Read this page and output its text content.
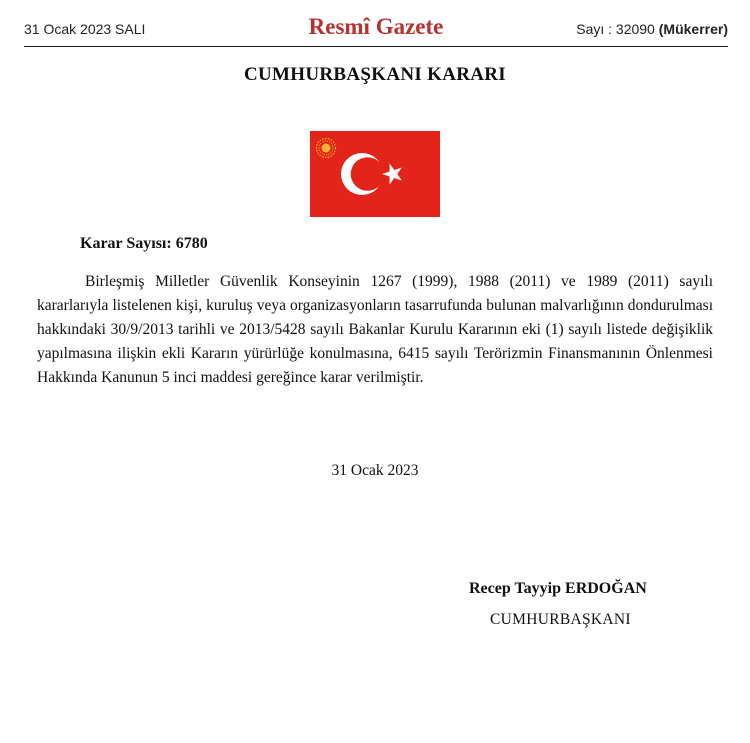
31 Ocak 2023 SALI	Resmî Gazete	Sayı : 32090 (Mükerrer)
CUMHURBAŞKANI KARARI
Karar Sayısı: 6780

Birleşmiş Milletler Güvenlik Konseyinin 1267 (1999), 1988 (2011) ve 1989 (2011) sayılı kararlarıyla listelenen kişi, kuruluş veya organizasyonların tasarrufunda bulunan malvarlığının dondurulması hakkındaki 30/9/2013 tarihli ve 2013/5428 sayılı Bakanlar Kurulu Kararının eki (1) sayılı listede değişiklik yapılmasına ilişkin ekli Kararın yürürlüğe konulmasına, 6415 sayılı Terörizmin Finansmanının Önlenmesi Hakkında Kanunun 5 inci maddesi gereğince karar verilmiştir.

31 Ocak 2023
Recep Tayyip ERDOĞAN
CUMHURBAŞKANI
